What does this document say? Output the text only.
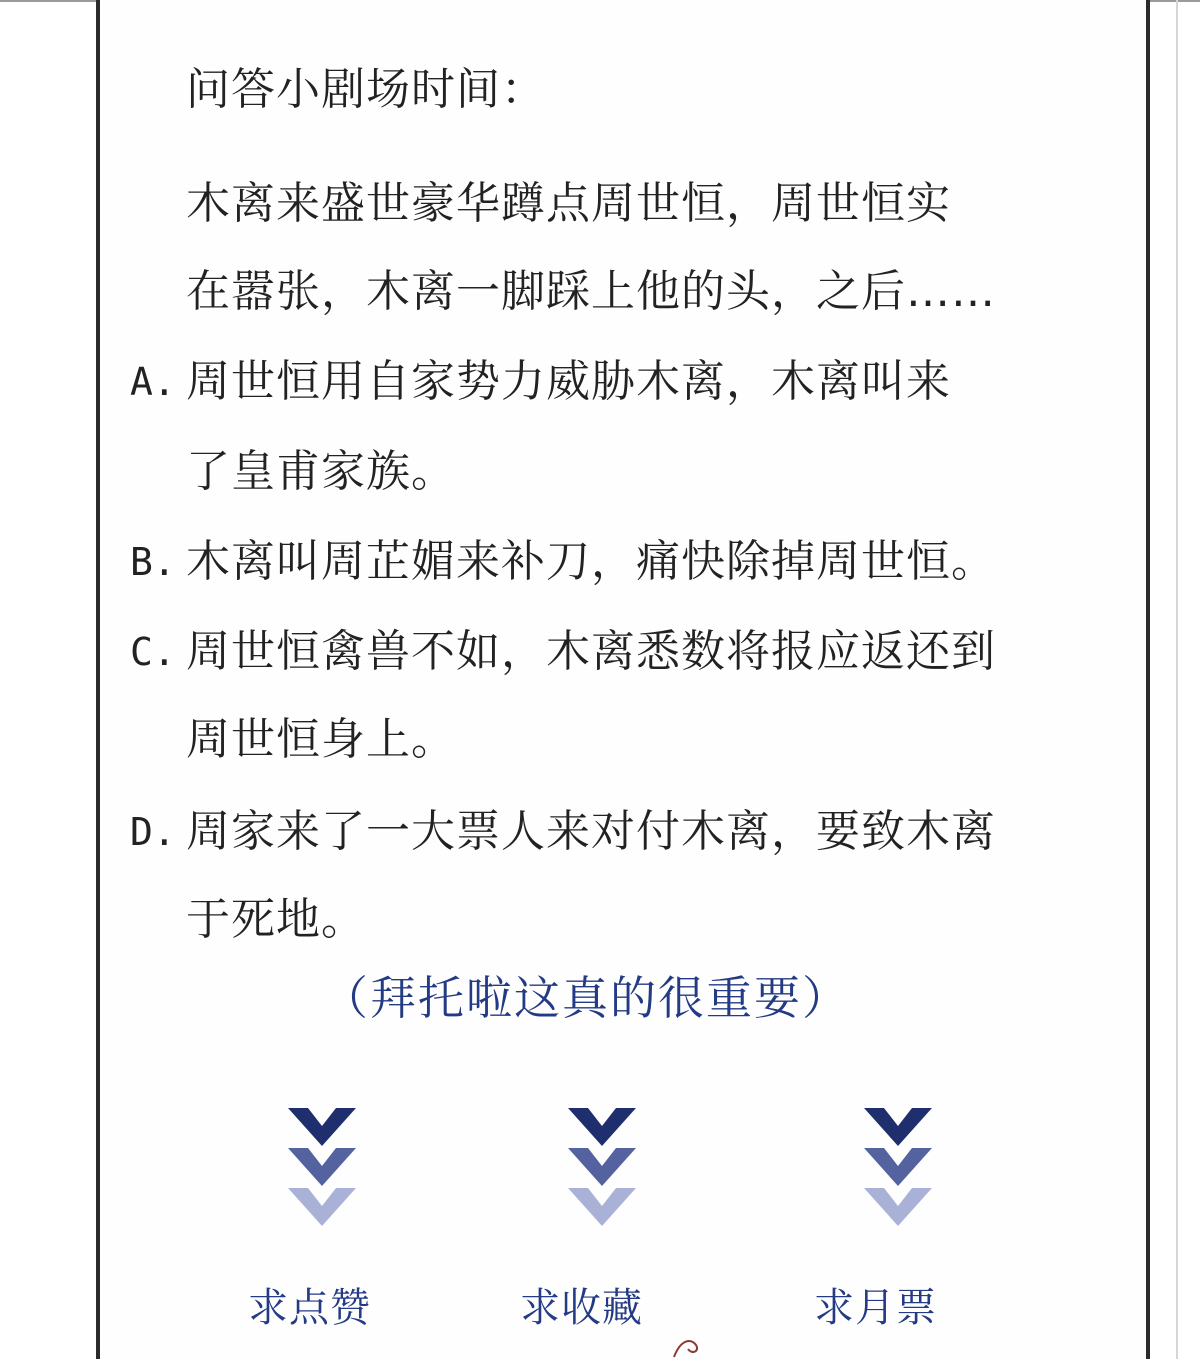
问答小剧场时间：
木离来盛世豪华蹲点周世恒，周世恒实
在嚣张，木离一脚踩上他的头，之后……
A. 周世恒用自家势力威胁木离，木离叫来
了皇甫家族。
B. 木离叫周芷媚来补刀，痛快除掉周世恒。
C. 周世恒禽兽不如，木离悉数将报应返还到
周世恒身上。
D. 周家来了一大票人来对付木离，要致木离
于死地。
（拜托啦这真的很重要）
求点赞	求收藏	求月票
